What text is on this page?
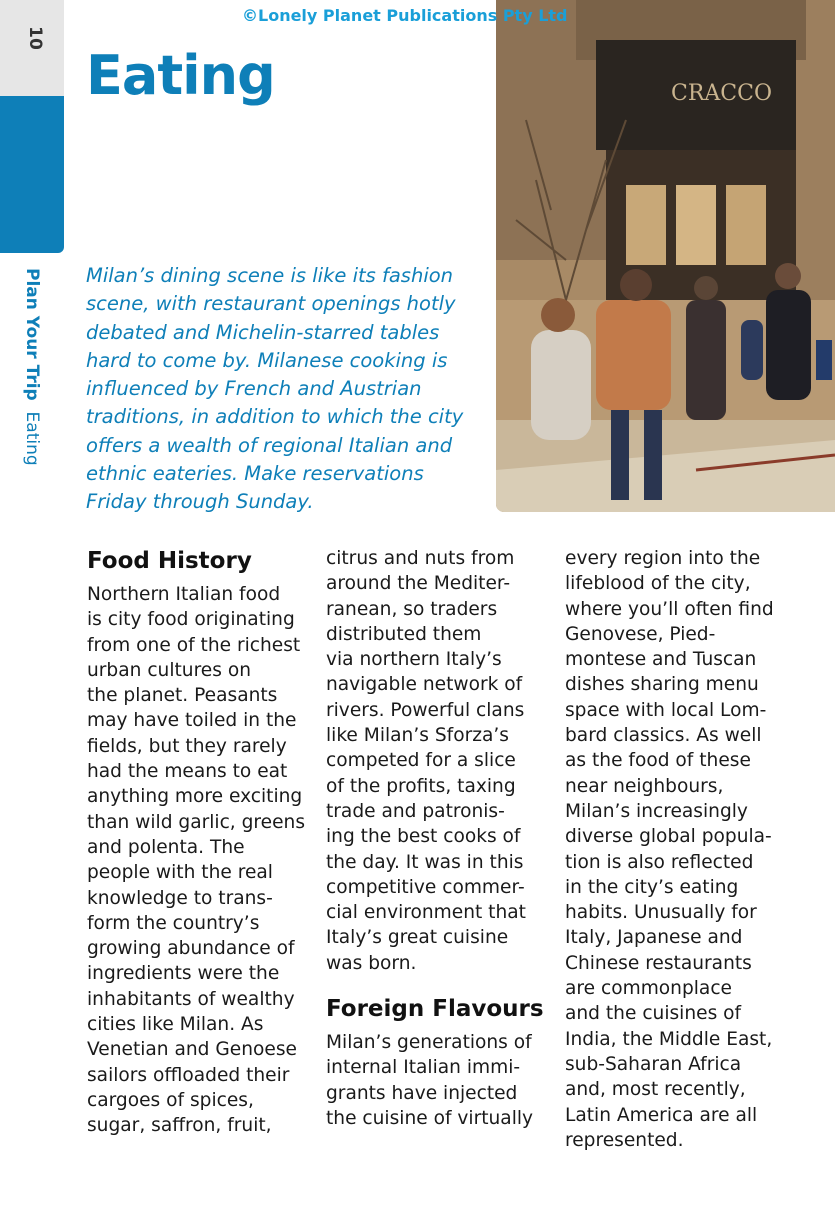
10
Plan Your Trip  Eating
©Lonely Planet Publications Pty Ltd
Eating

Milan’s dining scene is like its fashion scene, with restaurant openings hotly debated and Michelin-starred tables hard to come by. Milanese cooking is influenced by French and Austrian traditions, in addition to which the city offers a wealth of regional Italian and ethnic eateries. Make reservations Friday through Sunday.

CRACCO
Food History

Northern Italian food
is city food originating
from one of the richest
urban cultures on
the planet. Peasants
may have toiled in the
fields, but they rarely
had the means to eat
anything more exciting
than wild garlic, greens
and polenta. The
people with the real
knowledge to trans-
form the country’s
growing abundance of
ingredients were the
inhabitants of wealthy
cities like Milan. As
Venetian and Genoese
sailors offloaded their
cargoes of spices,
sugar, saffron, fruit,

citrus and nuts from
around the Mediter-
ranean, so traders
distributed them
via northern Italy’s
navigable network of
rivers. Powerful clans
like Milan’s Sforza’s
competed for a slice
of the profits, taxing
trade and patronis-
ing the best cooks of
the day. It was in this
competitive commer-
cial environment that
Italy’s great cuisine
was born.

Foreign Flavours

Milan’s generations of
internal Italian immi-
grants have injected
the cuisine of virtually

every region into the
lifeblood of the city,
where you’ll often find
Genovese, Pied-
montese and Tuscan
dishes sharing menu
space with local Lom-
bard classics. As well
as the food of these
near neighbours,
Milan’s increasingly
diverse global popula-
tion is also reflected
in the city’s eating
habits. Unusually for
Italy, Japanese and
Chinese restaurants
are commonplace
and the cuisines of
India, the Middle East,
sub-Saharan Africa
and, most recently,
Latin America are all
represented.
